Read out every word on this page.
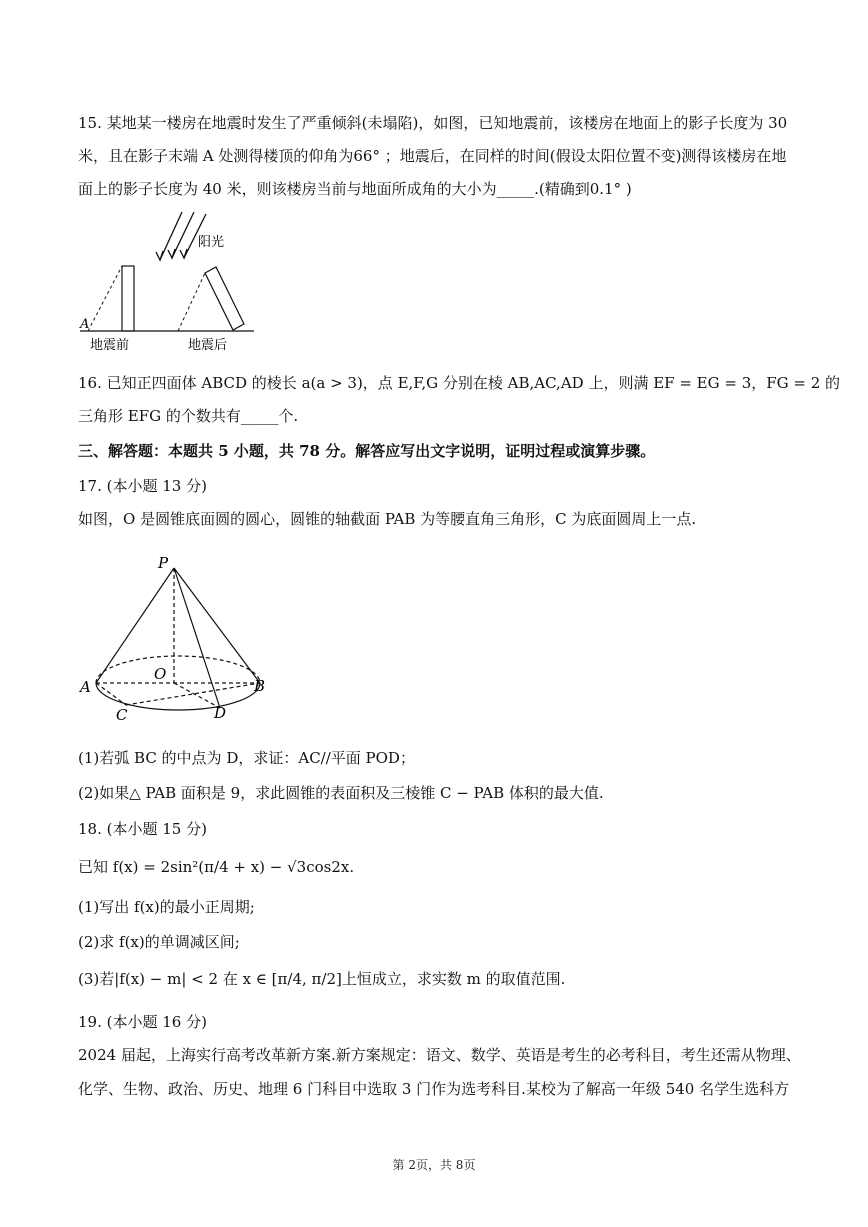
15. 某地某一楼房在地震时发生了严重倾斜(未塌陷)，如图，已知地震前，该楼房在地面上的影子长度为 30
米，且在影子末端 A 处测得楼顶的仰角为66° ；地震后，在同样的时间(假设太阳位置不变)测得该楼房在地
面上的影子长度为 40 米，则该楼房当前与地面所成角的大小为_____.(精确到0.1° )
阳光
A
地震前	地震后
16. 已知正四面体 ABCD 的棱长 a(a > 3)，点 E,F,G 分别在棱 AB,AC,AD 上，则满 EF = EG = 3，FG = 2 的
三角形 EFG 的个数共有_____个.
三、解答题：本题共 5 小题，共 78 分。解答应写出文字说明，证明过程或演算步骤。
17. (本小题 13 分)
如图，O 是圆锥底面圆的圆心，圆锥的轴截面 PAB 为等腰直角三角形，C 为底面圆周上一点.
P
O
A	B
C	D
(1)若弧 BC 的中点为 D，求证：AC//平面 POD；
(2)如果△ PAB 面积是 9，求此圆锥的表面积及三棱锥 C − PAB 体积的最大值.
18. (本小题 15 分)
已知 f(x) = 2sin²(π/4 + x) − √3cos2x.
(1)写出 f(x)的最小正周期;
(2)求 f(x)的单调减区间;
(3)若|f(x) − m| < 2 在 x ∈ [π/4, π/2]上恒成立，求实数 m 的取值范围.
19. (本小题 16 分)
2024 届起，上海实行高考改革新方案.新方案规定：语文、数学、英语是考生的必考科目，考生还需从物理、
化学、生物、政治、历史、地理 6 门科目中选取 3 门作为选考科目.某校为了解高一年级 540 名学生选科方
第 2页，共 8页
